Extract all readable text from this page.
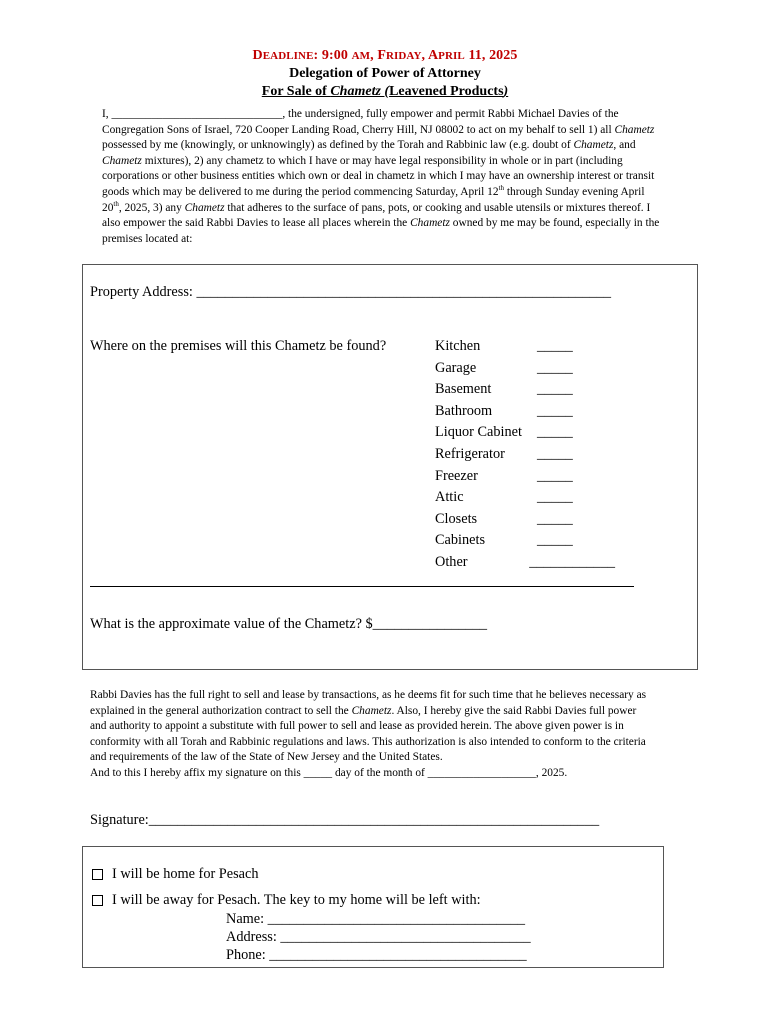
DEADLINE: 9:00 AM, FRIDAY, APRIL 11, 2025
Delegation of Power of Attorney
For Sale of Chametz (Leavened Products)
I, ______________________________, the undersigned, fully empower and permit Rabbi Michael Davies of the Congregation Sons of Israel, 720 Cooper Landing Road, Cherry Hill, NJ 08002 to act on my behalf to sell 1) all Chametz possessed by me (knowingly, or unknowingly) as defined by the Torah and Rabbinic law (e.g. doubt of Chametz, and Chametz mixtures), 2) any chametz to which I have or may have legal responsibility in whole or in part (including corporations or other business entities which own or deal in chametz in which I may have an ownership interest or transit goods which may be delivered to me during the period commencing Saturday, April 12th through Sunday evening April 20th, 2025, 3) any Chametz that adheres to the surface of pans, pots, or cooking and usable utensils or mixtures thereof. I also empower the said Rabbi Davies to lease all places wherein the Chametz owned by me may be found, especially in the premises located at:
Property Address: __________________________________________________________
Where on the premises will this Chametz be found?	Kitchen	_____
Garage	_____
Basement	_____
Bathroom	_____
Liquor Cabinet	_____
Refrigerator	_____
Freezer	_____
Attic	_____
Closets	_____
Cabinets	_____
Other	____________
What is the approximate value of the Chametz? $________________
Rabbi Davies has the full right to sell and lease by transactions, as he deems fit for such time that he believes necessary as explained in the general authorization contract to sell the Chametz. Also, I hereby give the said Rabbi Davies full power and authority to appoint a substitute with full power to sell and lease as provided herein. The above given power is in conformity with all Torah and Rabbinic regulations and laws. This authorization is also intended to conform to the criteria and requirements of the law of the State of New Jersey and the United States.
And to this I hereby affix my signature on this _____ day of the month of ___________________, 2025.
Signature:_______________________________________________________________
I will be home for Pesach
I will be away for Pesach. The key to my home will be left with:
Name: ____________________________________
Address: ___________________________________
Phone: ____________________________________
